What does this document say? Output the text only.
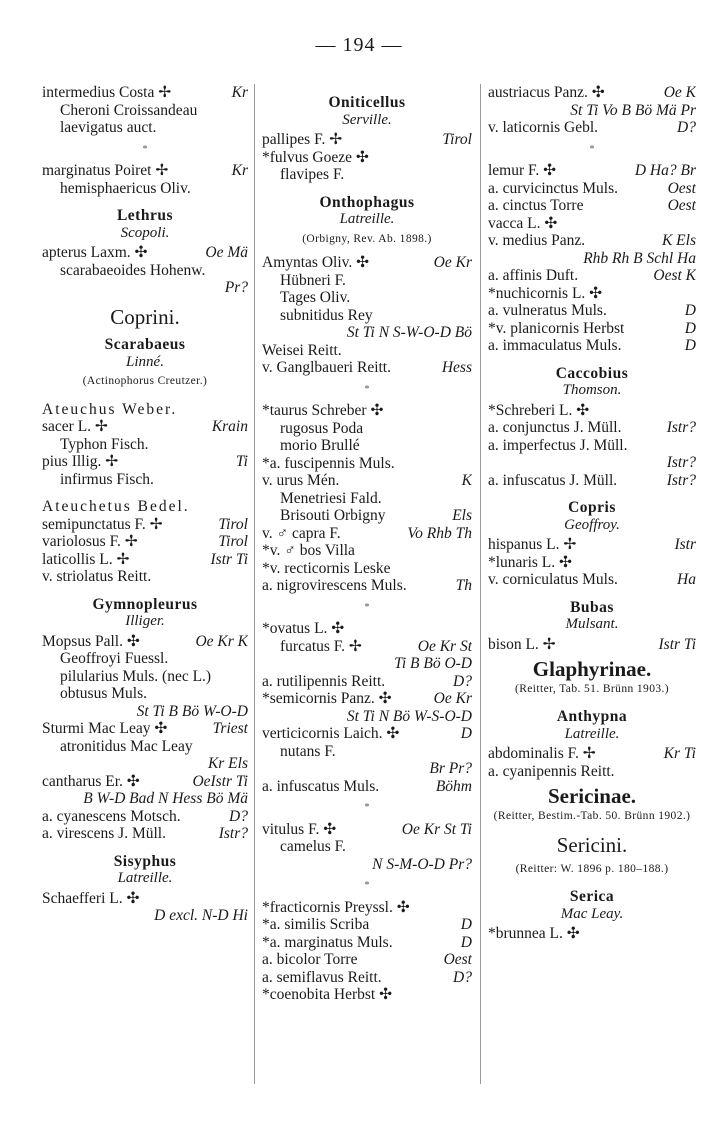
— 194 —
intermedius Costa ✢	Kr
Cheroni Croissandeau
laevigatus auct.
*
marginatus Poiret ✢	Kr
hemisphaericus Oliv.
Lethrus
Scopoli.
apterus Laxm. ✣	Oe Mä
scarabaeoides Hohenw.
Pr?
Coprini.
Scarabaeus
Linné.
(Actinophorus Creutzer.)
Ateuchus Weber.
sacer L. ✢	Krain
Typhon Fisch.
pius Illig. ✢	Ti
infirmus Fisch.
Ateuchetus Bedel.
semipunctatus F. ✢	Tirol
variolosus F. ✢	Tirol
laticollis L. ✢	Istr Ti
v. striolatus Reitt.
Gymnopleurus
Illiger.
Mopsus Pall. ✣	Oe Kr K
Geoffroyi Fuessl.
pilularius Muls. (nec L.)
obtusus Muls.
St Ti B Bö W-O-D
Sturmi Mac Leay ✣	Triest
atronitidus Mac Leay
Kr Els
cantharus Er. ✣	OeIstr Ti
B W-D Bad N Hess Bö Mä
a. cyanescens Motsch.	D?
a. virescens J. Müll.	Istr?
Sisyphus
Latreille.
Schaefferi L. ✣
D excl. N-D Hi
Oniticellus
Serville.
pallipes F. ✢	Tirol
*fulvus Goeze ✣
flavipes F.
Onthophagus
Latreille.
(Orbigny, Rev. Ab. 1898.)
Amyntas Oliv. ✣	Oe Kr
Hübneri F.
Tages Oliv.
subnitidus Rey
St Ti N S-W-O-D Bö
Weisei Reitt.
v. Ganglbaueri Reitt.	Hess
*
*taurus Schreber ✣
rugosus Poda
morio Brullé
*a. fuscipennis Muls.
v. urus Mén.	K
Menetriesi Fald.
Brisouti Orbigny	Els
v. ♂ capra F.	Vo Rhb Th
*v. ♂ bos Villa
*v. recticornis Leske
a. nigrovirescens Muls.	Th
*
*ovatus L. ✣
furcatus F. ✢	Oe Kr St
Ti B Bö O-D
a. rutilipennis Reitt.	D?
*semicornis Panz. ✣	Oe Kr
St Ti N Bö W-S-O-D
verticicornis Laich. ✣	D
nutans F.
Br Pr?
a. infuscatus Muls.	Böhm
*
vitulus F. ✣	Oe Kr St Ti
camelus F.
N S-M-O-D Pr?
*
*fracticornis Preyssl. ✣
*a. similis Scriba	D
*a. marginatus Muls.	D
a. bicolor Torre	Oest
a. semiflavus Reitt.	D?
*coenobita Herbst ✣
austriacus Panz. ✣	Oe K
St Ti Vo B Bö Mä Pr
v. laticornis Gebl.	D?
*
lemur F. ✣	D Ha? Br
a. curvicinctus Muls.	Oest
a. cinctus Torre	Oest
vacca L. ✣
v. medius Panz.	K Els
Rhb Rh B Schl Ha
a. affinis Duft.	Oest K
*nuchicornis L. ✣
a. vulneratus Muls.	D
*v. planicornis Herbst	D
a. immaculatus Muls.	D
Caccobius
Thomson.
*Schreberi L. ✣
a. conjunctus J. Müll.	Istr?
a. imperfectus J. Müll.
Istr?
a. infuscatus J. Müll.	Istr?
Copris
Geoffroy.
hispanus L. ✢	Istr
*lunaris L. ✣
v. corniculatus Muls.	Ha
Bubas
Mulsant.
bison L. ✢	Istr Ti
Glaphyrinae.
(Reitter, Tab. 51. Brünn 1903.)
Anthypna
Latreille.
abdominalis F. ✢	Kr Ti
a. cyanipennis Reitt.
Sericinae.
(Reitter, Bestim.-Tab. 50. Brünn 1902.)
Sericini.
(Reitter: W. 1896 p. 180–188.)
Serica
Mac Leay.
*brunnea L. ✣
